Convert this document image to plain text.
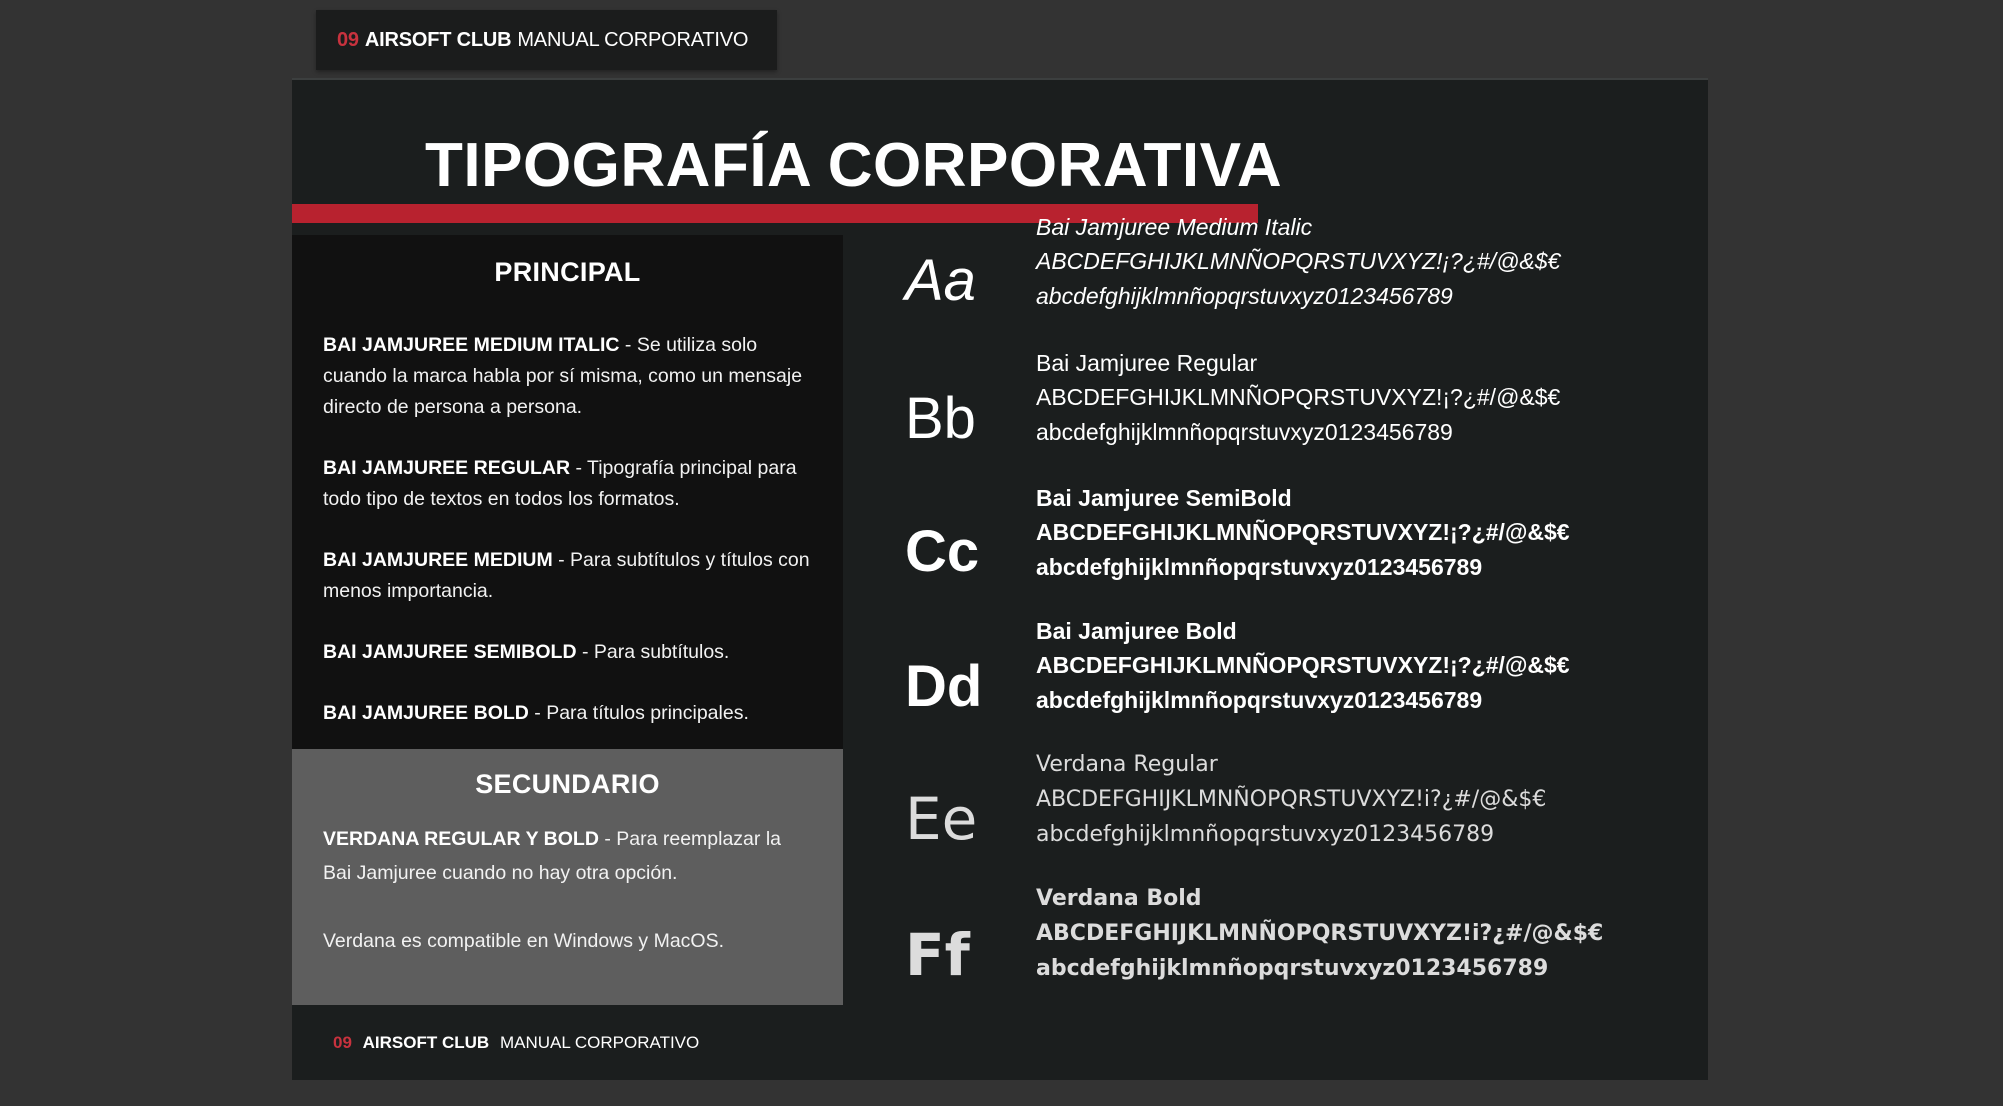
09 AIRSOFT CLUB MANUAL CORPORATIVO
TIPOGRAFÍA CORPORATIVA
PRINCIPAL

BAI JAMJUREE MEDIUM ITALIC - Se utiliza solo cuando la marca habla por sí misma, como un mensaje directo de persona a persona.

BAI JAMJUREE REGULAR - Tipografía principal para todo tipo de textos en todos los formatos.

BAI JAMJUREE MEDIUM - Para subtítulos y títulos con menos importancia.

BAI JAMJUREE SEMIBOLD - Para subtítulos.

BAI JAMJUREE BOLD - Para títulos principales.

SECUNDARIO

VERDANA REGULAR Y BOLD - Para reemplazar la Bai Jamjuree cuando no hay otra opción.

Verdana es compatible en Windows y MacOS.

Aa
Bai Jamjuree Medium Italic
ABCDEFGHIJKLMNÑOPQRSTUVXYZ!¡?¿#/@&$€
abcdefghijklmnñopqrstuvxyz0123456789
Bb
Bai Jamjuree Regular
ABCDEFGHIJKLMNÑOPQRSTUVXYZ!¡?¿#/@&$€
abcdefghijklmnñopqrstuvxyz0123456789
Cc
Bai Jamjuree SemiBold
ABCDEFGHIJKLMNÑOPQRSTUVXYZ!¡?¿#/@&$€
abcdefghijklmnñopqrstuvxyz0123456789
Dd
Bai Jamjuree Bold
ABCDEFGHIJKLMNÑOPQRSTUVXYZ!¡?¿#/@&$€
abcdefghijklmnñopqrstuvxyz0123456789
Ee
Verdana Regular
ABCDEFGHIJKLMNÑOPQRSTUVXYZ!i?¿#/@&$€
abcdefghijklmnñopqrstuvxyz0123456789
Ff
Verdana Bold
ABCDEFGHIJKLMNÑOPQRSTUVXYZ!i?¿#/@&$€
abcdefghijklmnñopqrstuvxyz0123456789
09 AIRSOFT CLUB MANUAL CORPORATIVO
